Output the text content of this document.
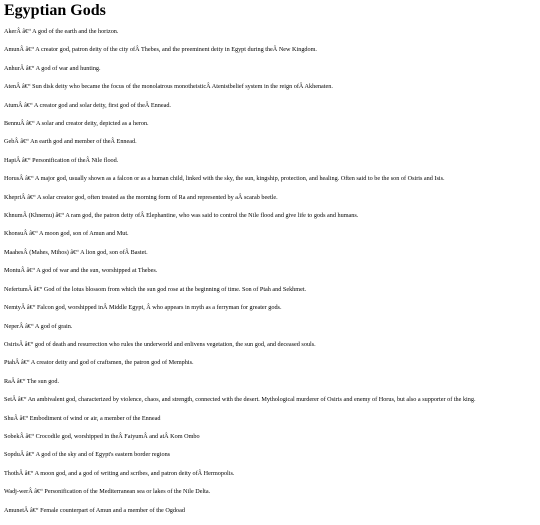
Egyptian Gods

AkerÂ â€“ A god of the earth and the horizon.

AmunÂ â€“ A creator god, patron deity of the city ofÂ Thebes, and the preeminent deity in Egypt during theÂ New Kingdom.

AnhurÂ â€“ A god of war and hunting.

AtenÂ â€“ Sun disk deity who became the focus of the monolatrous monotheisticÂ Atenistbelief system in the reign ofÂ Akhenaten.

AtumÂ â€“ A creator god and solar deity, first god of theÂ Ennead.

BennuÂ â€“ A solar and creator deity, depicted as a heron.

GebÂ â€“ An earth god and member of theÂ Ennead.

HapiÂ â€“ Personification of theÂ Nile flood.

HorusÂ â€“ A major god, usually shown as a falcon or as a human child, linked with the sky, the sun, kingship, protection, and healing. Often said to be the son of Osiris and Isis.

KhepriÂ â€“ A solar creator god, often treated as the morning form of Ra and represented by aÂ scarab beetle.

KhnumÂ (Khnemu) â€“ A ram god, the patron deity ofÂ Elephantine, who was said to control the Nile flood and give life to gods and humans.

KhonsuÂ â€“ A moon god, son of Amun and Mut.

MaahesÂ (Mahes, Mihos) â€“ A lion god, son ofÂ Bastet.

MontuÂ â€“ A god of war and the sun, worshipped at Thebes.

NefertumÂ â€“ God of the lotus blossom from which the sun god rose at the beginning of time. Son of Ptah and Sekhmet.

NemtyÂ â€“ Falcon god, worshipped inÂ Middle Egypt, Â who appears in myth as a ferryman for greater gods.

NeperÂ â€“ A god of grain.

OsirisÂ â€“ god of death and resurrection who rules the underworld and enlivens vegetation, the sun god, and deceased souls.

PtahÂ â€“ A creator deity and god of craftsmen, the patron god of Memphis.

RaÂ â€“ The sun god.

SetÂ â€“ An ambivalent god, characterized by violence, chaos, and strength, connected with the desert. Mythological murderer of Osiris and enemy of Horus, but also a supporter of the king.

ShuÂ â€“ Embodiment of wind or air, a member of the Ennead

SobekÂ â€“ Crocodile god, worshipped in theÂ FaiyumÂ and atÂ Kom Ombo

SopduÂ â€“ A god of the sky and of Egypt's eastern border regions

ThothÂ â€“ A moon god, and a god of writing and scribes, and patron deity ofÂ Hermopolis.

Wadj-werÂ â€“ Personification of the Mediterranean sea or lakes of the Nile Delta.

AmunetÂ â€“ Female counterpart of Amun and a member of the Ogdoad
